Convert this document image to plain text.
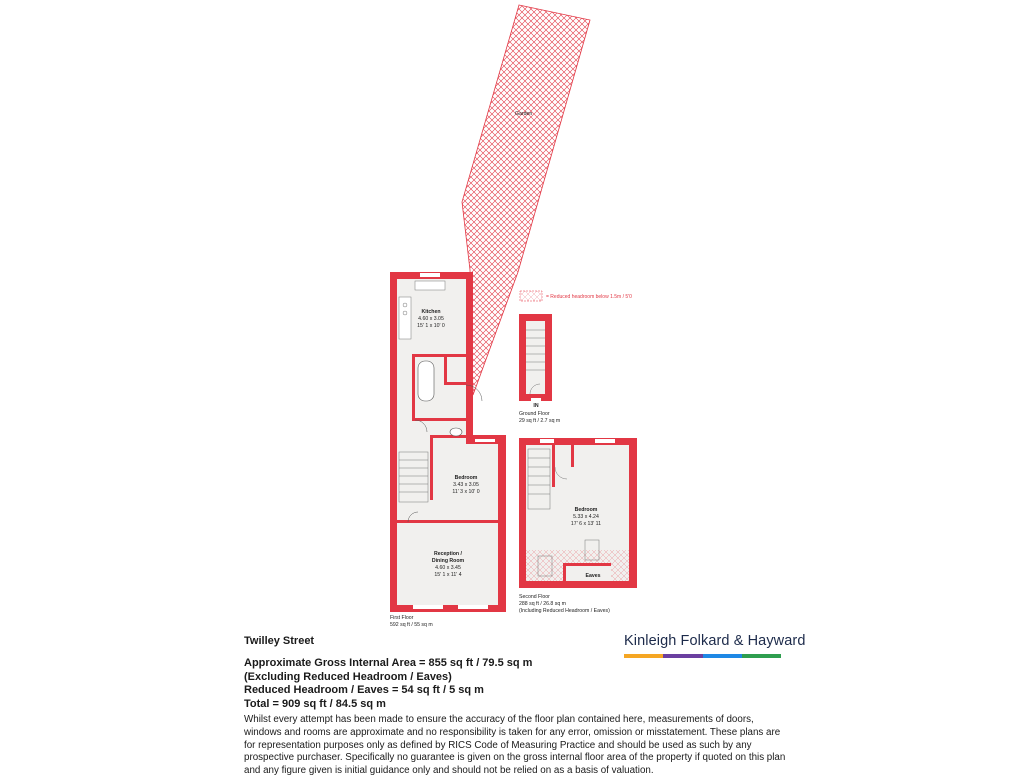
Garden
= Reduced headroom below 1.5m / 5'0
Kitchen
4.60 x 3.05
15' 1 x 10' 0
Bedroom
3.43 x 3.05
11' 3 x 10' 0
Reception /
Dining Room
4.60 x 3.45
15' 1 x 11' 4
First Floor
592 sq ft / 55 sq m
IN
Ground Floor
29 sq ft / 2.7 sq m
Bedroom
5.33 x 4.24
17' 6 x 13' 11
Eaves
Second Floor
288 sq ft / 26.8 sq m
(Including Reduced Headroom / Eaves)
Twilley Street
Approximate Gross Internal Area = 855 sq ft / 79.5 sq m
(Excluding Reduced Headroom / Eaves)
Reduced Headroom / Eaves = 54 sq ft / 5 sq m
Total = 909 sq ft / 84.5 sq m
Whilst every attempt has been made to ensure the accuracy of the floor plan contained here, measurements of doors, windows and rooms are approximate and no responsibility is taken for any error, omission or misstatement. These plans are for representation purposes only as defined by RICS Code of Measuring Practice and should be used as such by any prospective purchaser. Specifically no guarantee is given on the gross internal floor area of the property if quoted on this plan and any figure given is initial guidance only and should not be relied on as a basis of valuation.
Kinleigh Folkard & Hayward
